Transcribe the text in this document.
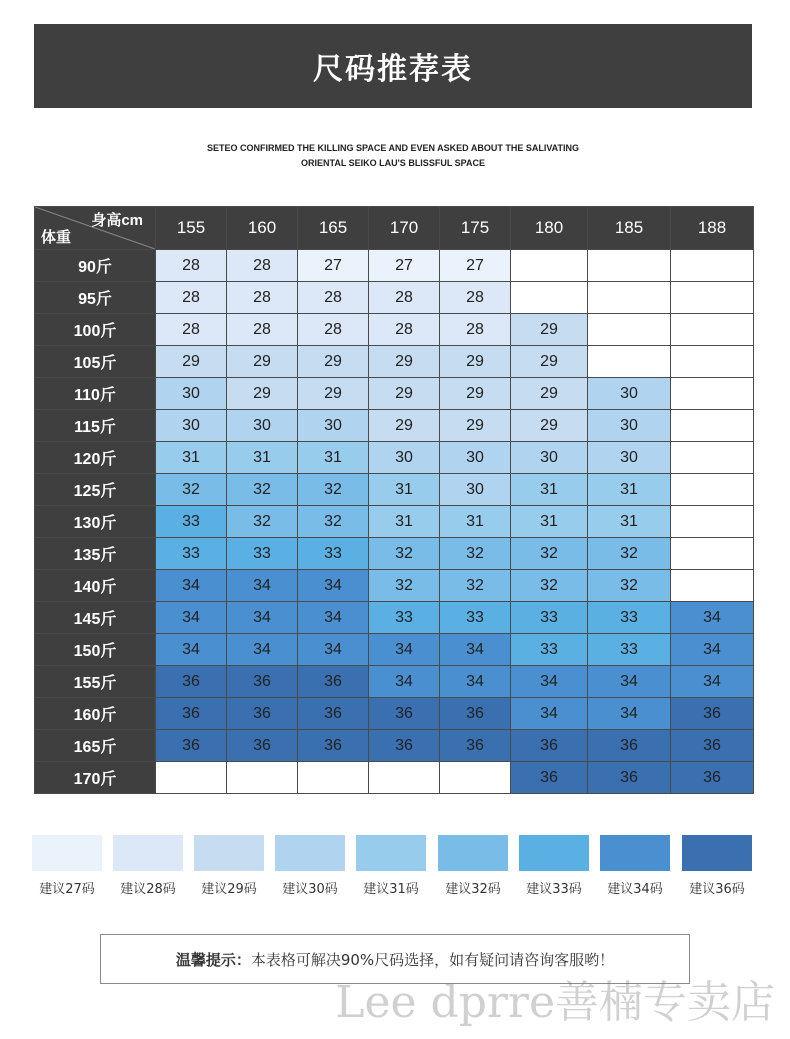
尺码推荐表
SETEO CONFIRMED THE KILLING SPACE AND EVEN ASKED ABOUT THE SALIVATING
ORIENTAL SEIKO LAU'S BLISSFUL SPACE
身高cm
体重	155	160	165	170	175	180	185	188
90斤	28	28	27	27	27			
95斤	28	28	28	28	28			
100斤	28	28	28	28	28	29		
105斤	29	29	29	29	29	29		
110斤	30	29	29	29	29	29	30	
115斤	30	30	30	29	29	29	30	
120斤	31	31	31	30	30	30	30	
125斤	32	32	32	31	30	31	31	
130斤	33	32	32	31	31	31	31	
135斤	33	33	33	32	32	32	32	
140斤	34	34	34	32	32	32	32	
145斤	34	34	34	33	33	33	33	34
150斤	34	34	34	34	34	33	33	34
155斤	36	36	36	34	34	34	34	34
160斤	36	36	36	36	36	34	34	36
165斤	36	36	36	36	36	36	36	36
170斤						36	36	36
建议27码	建议28码	建议29码	建议30码	建议31码	建议32码	建议33码	建议34码	建议36码
温馨提示： 本表格可解决90%尺码选择，如有疑问请咨询客服哟！
Lee dprre善楠专卖店
